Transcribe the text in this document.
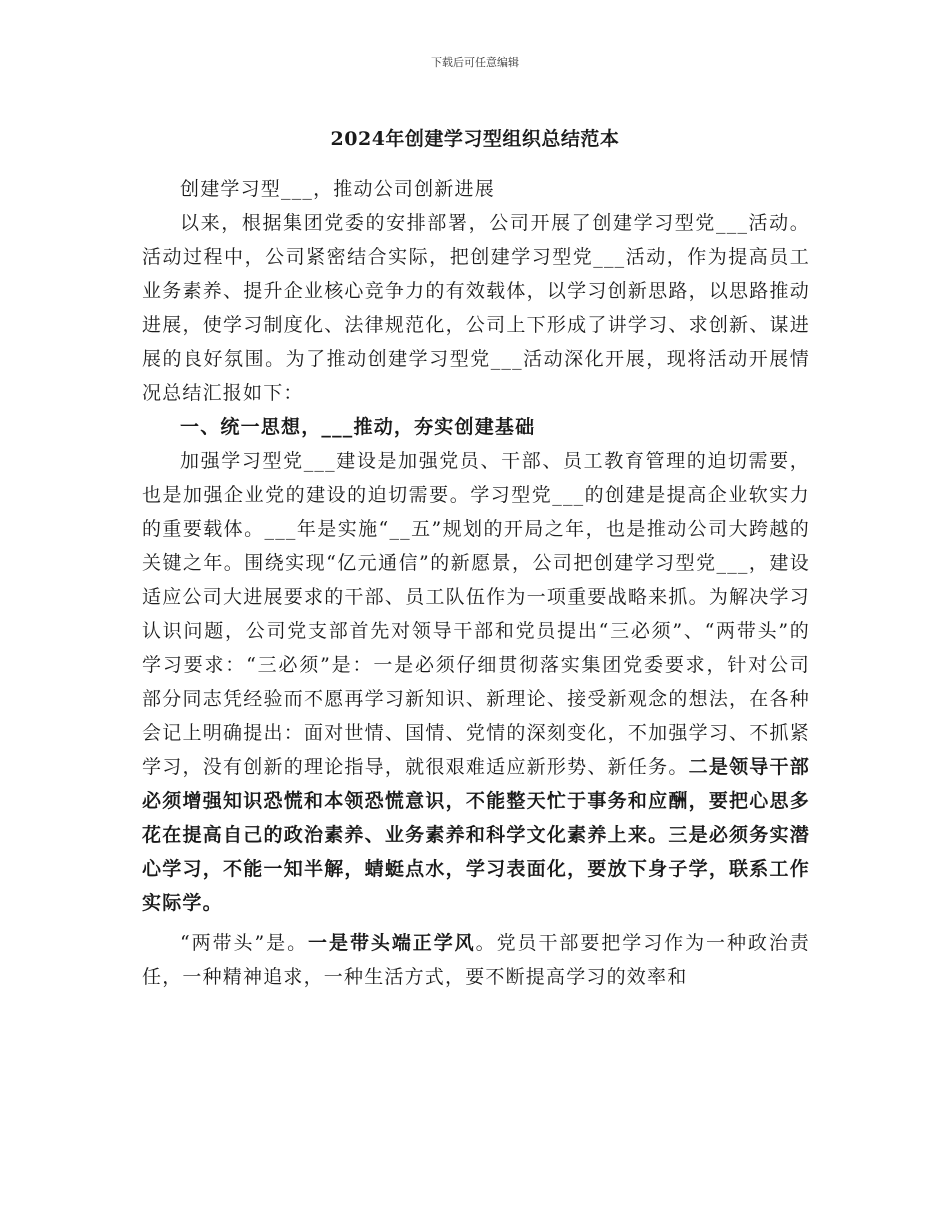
下载后可任意编辑
2024年创建学习型组织总结范本

创建学习型___，推动公司创新进展

以来，根据集团党委的安排部署，公司开展了创建学习型党___活动。活动过程中，公司紧密结合实际，把创建学习型党___活动，作为提高员工业务素养、提升企业核心竞争力的有效载体，以学习创新思路，以思路推动进展，使学习制度化、法律规范化，公司上下形成了讲学习、求创新、谋进展的良好氛围。为了推动创建学习型党___活动深化开展，现将活动开展情况总结汇报如下：

一、统一思想，___推动，夯实创建基础

加强学习型党___建设是加强党员、干部、员工教育管理的迫切需要，也是加强企业党的建设的迫切需要。学习型党___的创建是提高企业软实力的重要载体。___年是实施“__五”规划的开局之年，也是推动公司大跨越的关键之年。围绕实现“亿元通信”的新愿景，公司把创建学习型党___，建设适应公司大进展要求的干部、员工队伍作为一项重要战略来抓。为解决学习认识问题，公司党支部首先对领导干部和党员提出“三必须”、“两带头”的学习要求：“三必须”是：一是必须仔细贯彻落实集团党委要求，针对公司部分同志凭经验而不愿再学习新知识、新理论、接受新观念的想法，在各种会记上明确提出：面对世情、国情、党情的深刻变化，不加强学习、不抓紧学习，没有创新的理论指导，就很艰难适应新形势、新任务。二是领导干部必须增强知识恐慌和本领恐慌意识，不能整天忙于事务和应酬，要把心思多花在提高自己的政治素养、业务素养和科学文化素养上来。三是必须务实潜心学习，不能一知半解，蜻蜓点水，学习表面化，要放下身子学，联系工作实际学。

“两带头”是。一是带头端正学风。党员干部要把学习作为一种政治责任，一种精神追求，一种生活方式，要不断提高学习的效率和
